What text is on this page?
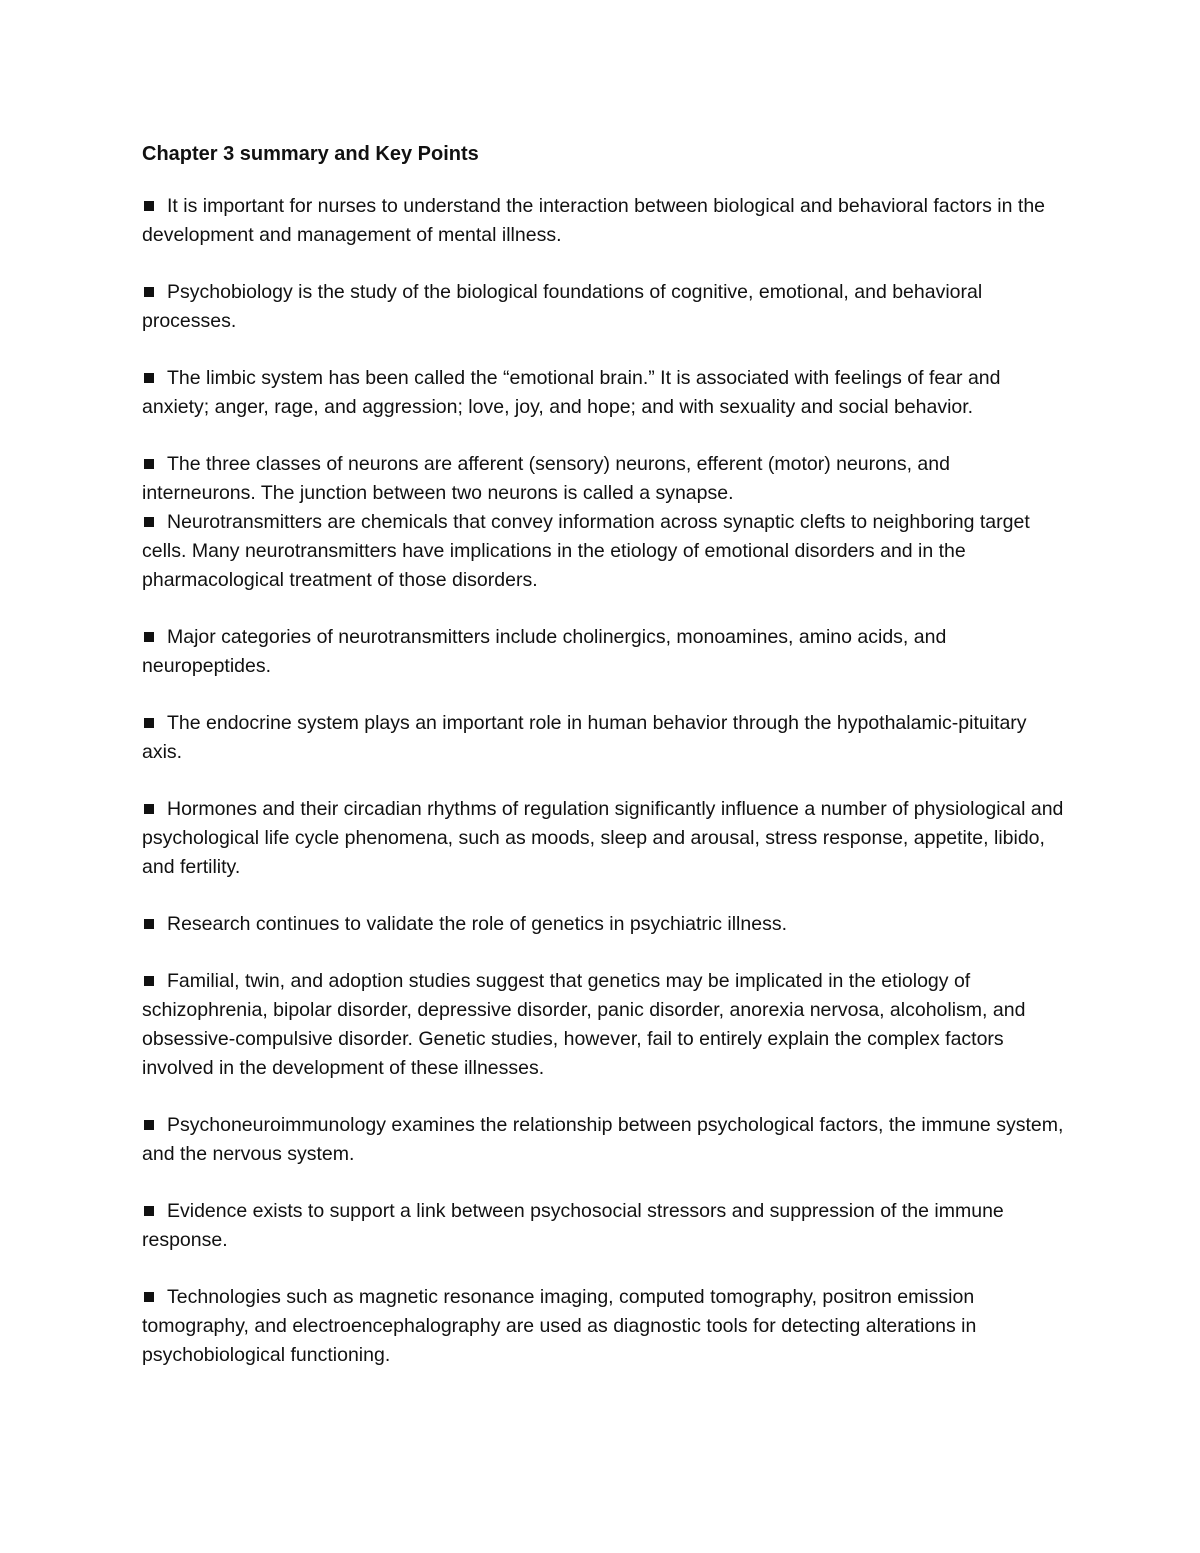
Chapter 3 summary and Key Points

It is important for nurses to understand the interaction between biological and behavioral factors in the development and management of mental illness.

Psychobiology is the study of the biological foundations of cognitive, emotional, and behavioral processes.

The limbic system has been called the “emotional brain.” It is associated with feelings of fear and anxiety; anger, rage, and aggression; love, joy, and hope; and with sexuality and social behavior.

The three classes of neurons are afferent (sensory) neurons, efferent (motor) neurons, and interneurons. The junction between two neurons is called a synapse.

Neurotransmitters are chemicals that convey information across synaptic clefts to neighboring target cells. Many neurotransmitters have implications in the etiology of emotional disorders and in the pharmacological treatment of those disorders.

Major categories of neurotransmitters include cholinergics, monoamines, amino acids, and neuropeptides.

The endocrine system plays an important role in human behavior through the hypothalamic-pituitary axis.

Hormones and their circadian rhythms of regulation significantly influence a number of physiological and psychological life cycle phenomena, such as moods, sleep and arousal, stress response, appetite, libido, and fertility.

Research continues to validate the role of genetics in psychiatric illness.

Familial, twin, and adoption studies suggest that genetics may be implicated in the etiology of schizophrenia, bipolar disorder, depressive disorder, panic disorder, anorexia nervosa, alcoholism, and obsessive-compulsive disorder. Genetic studies, however, fail to entirely explain the complex factors involved in the development of these illnesses.

Psychoneuroimmunology examines the relationship between psychological factors, the immune system, and the nervous system.

Evidence exists to support a link between psychosocial stressors and suppression of the immune response.

Technologies such as magnetic resonance imaging, computed tomography, positron emission tomography, and electroencephalography are used as diagnostic tools for detecting alterations in psychobiological functioning.
